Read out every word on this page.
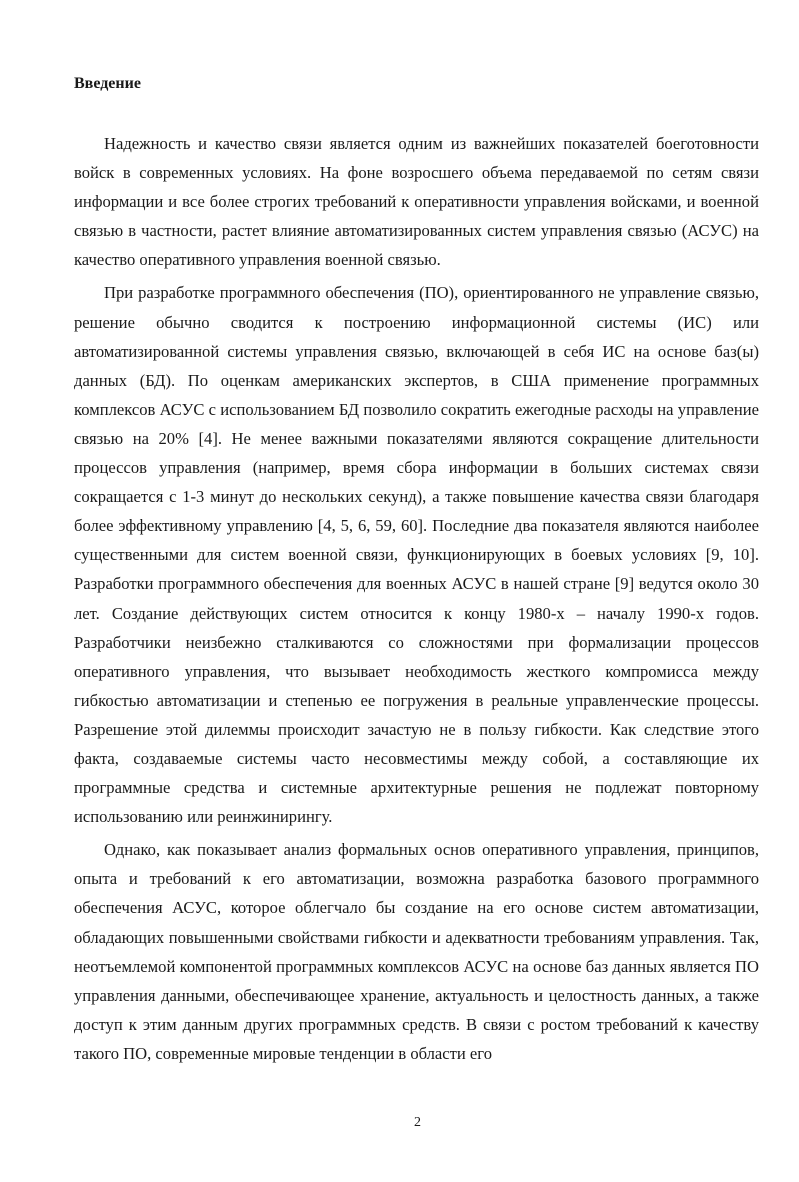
Введение

Надежность и качество связи является одним из важнейших показателей боеготовности войск в современных условиях. На фоне возросшего объема передаваемой по сетям связи информации и все более строгих требований к оперативности управления войсками, и военной связью в частности, растет влияние автоматизированных систем управления связью (АСУС) на качество оперативного управления военной связью.

При разработке программного обеспечения (ПО), ориентированного не управление связью, решение обычно сводится к построению информационной системы (ИС) или автоматизированной системы управления связью, включающей в себя ИС на основе баз(ы) данных (БД). По оценкам американских экспертов, в США применение программных комплексов АСУС с использованием БД позволило сократить ежегодные расходы на управление связью на 20% [4]. Не менее важными показателями являются сокращение длительности процессов управления (например, время сбора информации в больших системах связи сокращается с 1-3 минут до нескольких секунд), а также повышение качества связи благодаря более эффективному управлению [4, 5, 6, 59, 60]. Последние два показателя являются наиболее существенными для систем военной связи, функционирующих в боевых условиях [9, 10]. Разработки программного обеспечения для военных АСУС в нашей стране [9] ведутся около 30 лет. Создание действующих систем относится к концу 1980-х – началу 1990-х годов. Разработчики неизбежно сталкиваются со сложностями при формализации процессов оперативного управления, что вызывает необходимость жесткого компромисса между гибкостью автоматизации и степенью ее погружения в реальные управленческие процессы. Разрешение этой дилеммы происходит зачастую не в пользу гибкости. Как следствие этого факта, создаваемые системы часто несовместимы между собой, а составляющие их программные средства и системные архитектурные решения не подлежат повторному использованию или реинжинирингу.

Однако, как показывает анализ формальных основ оперативного управления, принципов, опыта и требований к его автоматизации, возможна разработка базового программного обеспечения АСУС, которое облегчало бы создание на его основе систем автоматизации, обладающих повышенными свойствами гибкости и адекватности требованиям управления. Так, неотъемлемой компонентой программных комплексов АСУС на основе баз данных является ПО управления данными, обеспечивающее хранение, актуальность и целостность данных, а также доступ к этим данным других программных средств. В связи с ростом требований к качеству такого ПО, современные мировые тенденции в области его

2
